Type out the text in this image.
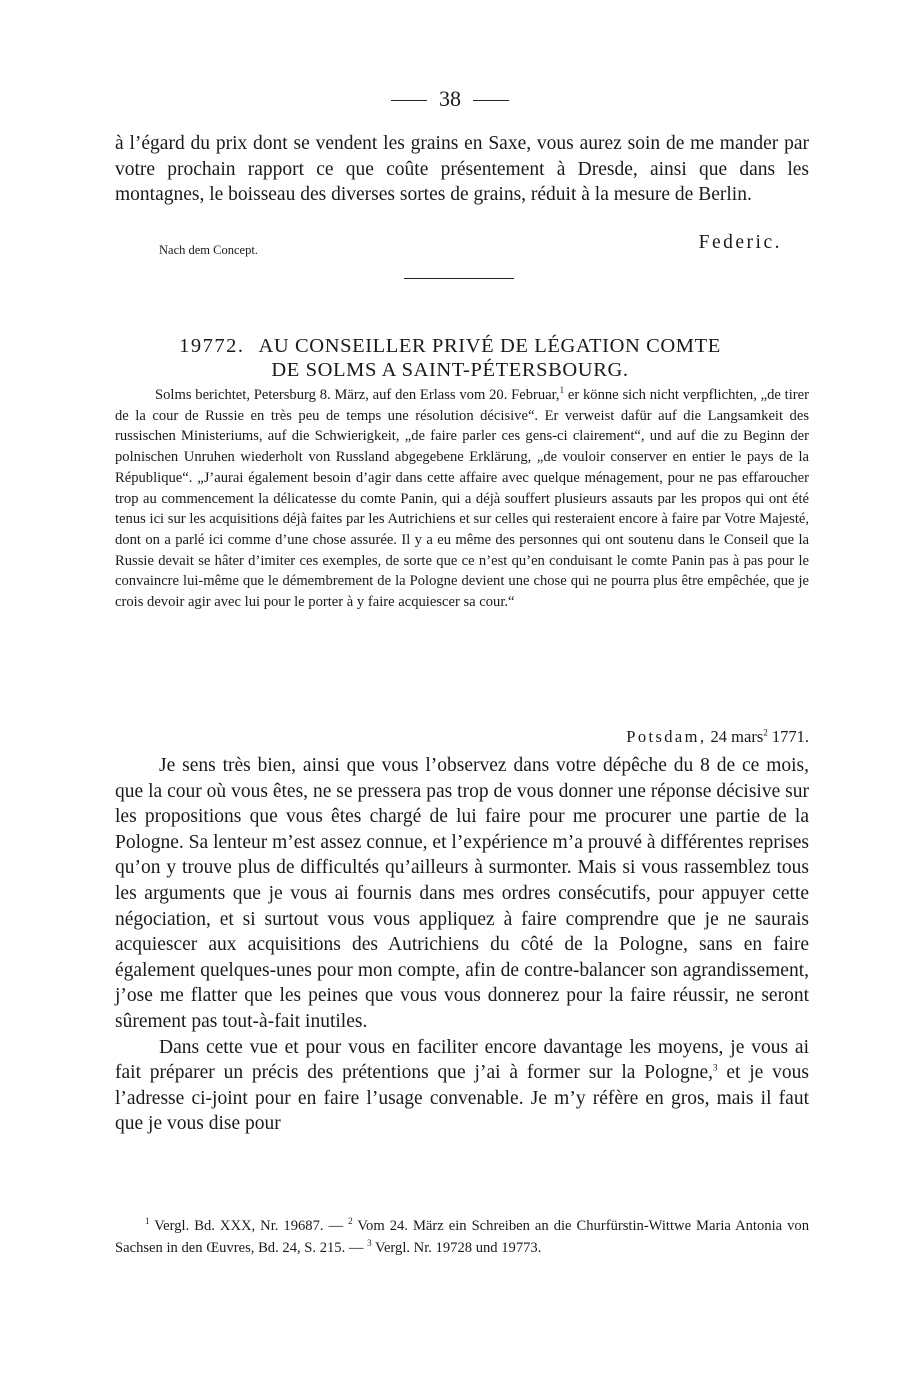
38
à l’égard du prix dont se vendent les grains en Saxe, vous aurez soin de me mander par votre prochain rapport ce que coûte présentement à Dresde, ainsi que dans les montagnes, le boisseau des diverses sortes de grains, réduit à la mesure de Berlin.
Nach dem Concept.	Federic.
19772. AU CONSEILLER PRIVÉ DE LÉGATION COMTE
DE SOLMS A SAINT-PÉTERSBOURG.
Solms berichtet, Petersburg 8. März, auf den Erlass vom 20. Februar,$^1$ er könne sich nicht verpflichten, „de tirer de la cour de Russie en très peu de temps une résolution décisive“. Er verweist dafür auf die Langsamkeit des russischen Ministeriums, auf die Schwierigkeit, „de faire parler ces gens-ci clairement“, und auf die zu Beginn der polnischen Unruhen wiederholt von Russland abgegebene Erklärung, „de vouloir conserver en entier le pays de la République“. „J’aurai également besoin d’agir dans cette affaire avec quelque ménagement, pour ne pas effaroucher trop au commencement la délicatesse du comte Panin, qui a déjà souffert plusieurs assauts par les propos qui ont été tenus ici sur les acquisitions déjà faites par les Autrichiens et sur celles qui resteraient encore à faire par Votre Majesté, dont on a parlé ici comme d’une chose assurée. Il y a eu même des personnes qui ont soutenu dans le Conseil que la Russie devait se hâter d’imiter ces exemples, de sorte que ce n’est qu’en conduisant le comte Panin pas à pas pour le convaincre lui-même que le démembrement de la Pologne devient une chose qui ne pourra plus être empêchée, que je crois devoir agir avec lui pour le porter à y faire acquiescer sa cour.“
Potsdam, 24 mars$^2$ 1771.

Je sens très bien, ainsi que vous l’observez dans votre dépêche du 8 de ce mois, que la cour où vous êtes, ne se pressera pas trop de vous donner une réponse décisive sur les propositions que vous êtes chargé de lui faire pour me procurer une partie de la Pologne. Sa lenteur m’est assez connue, et l’expérience m’a prouvé à différentes reprises qu’on y trouve plus de difficultés qu’ailleurs à surmonter. Mais si vous rassemblez tous les arguments que je vous ai fournis dans mes ordres consécutifs, pour appuyer cette négociation, et si surtout vous vous appliquez à faire comprendre que je ne saurais acquiescer aux acquisitions des Autrichiens du côté de la Pologne, sans en faire également quelques-unes pour mon compte, afin de contre-balancer son agrandissement, j’ose me flatter que les peines que vous vous donnerez pour la faire réussir, ne seront sûrement pas tout-à-fait inutiles.

Dans cette vue et pour vous en faciliter encore davantage les moyens, je vous ai fait préparer un précis des prétentions que j’ai à former sur la Pologne,$^3$ et je vous l’adresse ci-joint pour en faire l’usage convenable. Je m’y réfère en gros, mais il faut que je vous dise pour

$^1$ Vergl. Bd. XXX, Nr. 19687. — $^2$ Vom 24. März ein Schreiben an die Churfürstin-Wittwe Maria Antonia von Sachsen in den Œuvres, Bd. 24, S. 215. — $^3$ Vergl. Nr. 19728 und 19773.
